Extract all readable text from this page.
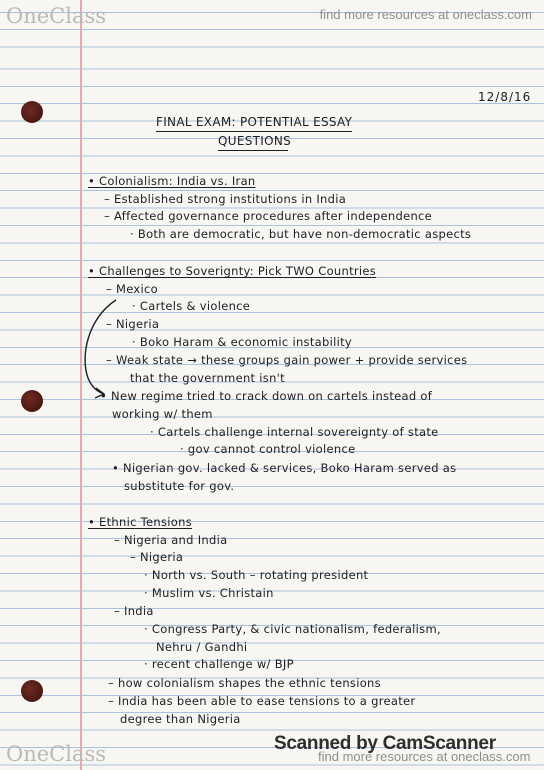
OneClass	find more resources at oneclass.com
OneClass	find more resources at oneclass.com
12/8/16
FINAL EXAM: POTENTIAL ESSAY
QUESTIONS
• Colonialism: India vs. Iran
– Established strong institutions in India
– Affected governance procedures after independence
· Both are democratic, but have non-democratic aspects
• Challenges to Soverignty: Pick TWO Countries
– Mexico
· Cartels & violence
– Nigeria
· Boko Haram & economic instability
– Weak state → these groups gain power + provide services
that the government isn't
• New regime tried to crack down on cartels instead of
working w/ them
· Cartels challenge internal sovereignty of state
· gov cannot control violence
• Nigerian gov. lacked & services, Boko Haram served as
substitute for gov.
• Ethnic Tensions
– Nigeria and India
– Nigeria
· North vs. South – rotating president
· Muslim vs. Christain
– India
· Congress Party, & civic nationalism, federalism,
Nehru / Gandhi
· recent challenge w/ BJP
– how colonialism shapes the ethnic tensions
– India has been able to ease tensions to a greater
degree than Nigeria
Scanned by CamScanner
